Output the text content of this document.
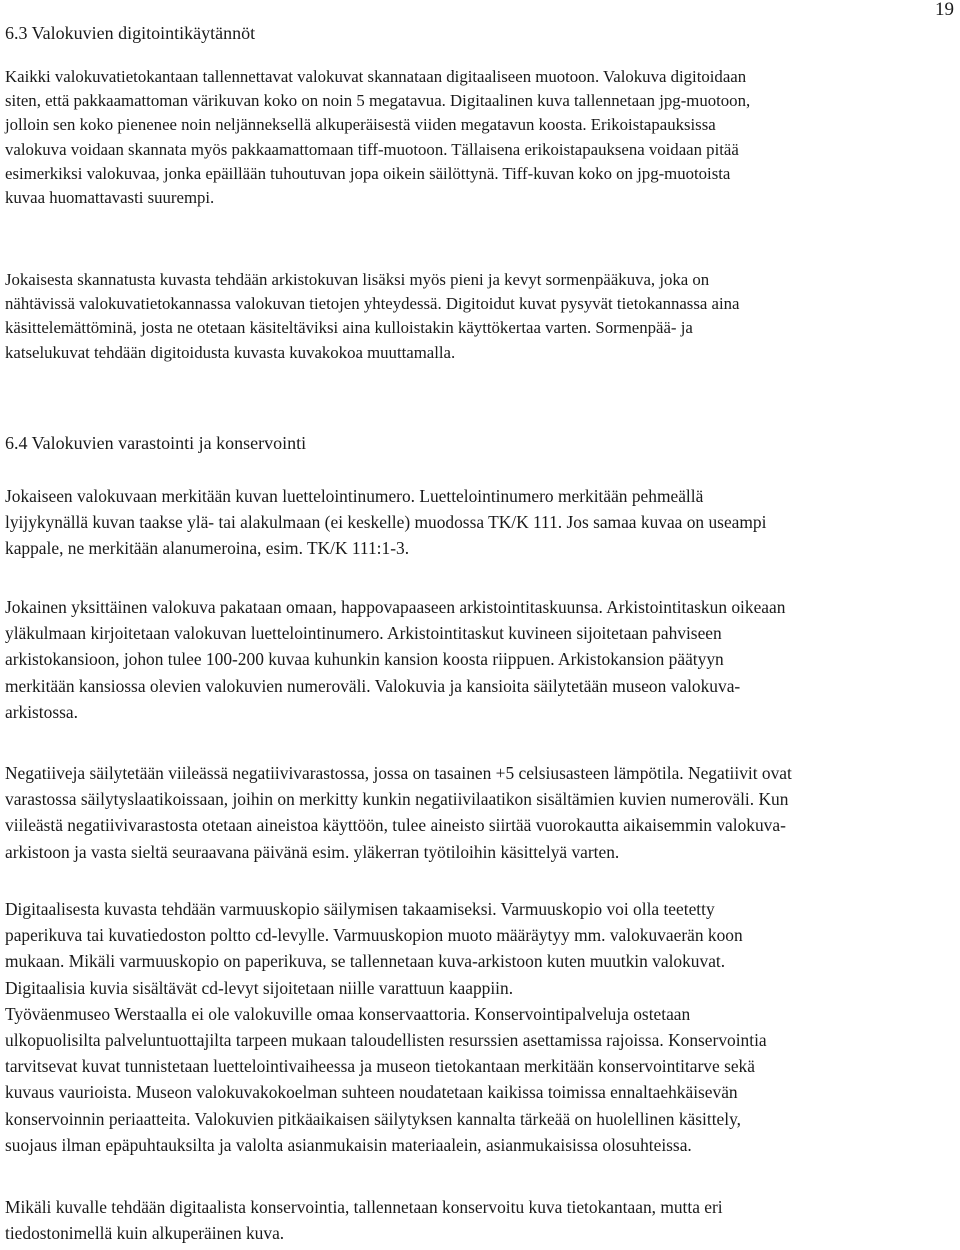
19
6.3 Valokuvien digitointikäytännöt

Kaikki valokuvatietokantaan tallennettavat valokuvat skannataan digitaaliseen muotoon. Valokuva digitoidaan
siten, että pakkaamattoman värikuvan koko on noin 5 megatavua. Digitaalinen kuva tallennetaan jpg-muotoon,
jolloin sen koko pienenee noin neljänneksellä alkuperäisestä viiden megatavun koosta. Erikoistapauksissa
valokuva voidaan skannata myös pakkaamattomaan tiff-muotoon. Tällaisena erikoistapauksena voidaan pitää
esimerkiksi valokuvaa, jonka epäillään tuhoutuvan jopa oikein säilöttynä. Tiff-kuvan koko on jpg-muotoista
kuvaa huomattavasti suurempi.

Jokaisesta skannatusta kuvasta tehdään arkistokuvan lisäksi myös pieni ja kevyt sormenpääkuva, joka on
nähtävissä valokuvatietokannassa valokuvan tietojen yhteydessä. Digitoidut kuvat pysyvät tietokannassa aina
käsittelemättöminä, josta ne otetaan käsiteltäviksi aina kulloistakin käyttökertaa varten. Sormenpää- ja
katselukuvat tehdään digitoidusta kuvasta kuvakokoa muuttamalla.

6.4 Valokuvien varastointi ja konservointi

Jokaiseen valokuvaan merkitään kuvan luettelointinumero. Luettelointinumero merkitään pehmeällä
lyijykynällä kuvan taakse ylä- tai alakulmaan (ei keskelle) muodossa TK/K 111. Jos samaa kuvaa on useampi
kappale, ne merkitään alanumeroina, esim. TK/K 111:1-3.

Jokainen yksittäinen valokuva pakataan omaan, happovapaaseen arkistointitaskuunsa. Arkistointitaskun oikeaan
yläkulmaan kirjoitetaan valokuvan luettelointinumero. Arkistointitaskut kuvineen sijoitetaan pahviseen
arkistokansioon, johon tulee 100-200 kuvaa kuhunkin kansion koosta riippuen. Arkistokansion päätyyn
merkitään kansiossa olevien valokuvien numeroväli. Valokuvia ja kansioita säilytetään museon valokuva-
arkistossa.

Negatiiveja säilytetään viileässä negatiivivarastossa, jossa on tasainen +5 celsiusasteen lämpötila. Negatiivit ovat
varastossa säilytyslaatikoissaan, joihin on merkitty kunkin negatiivilaatikon sisältämien kuvien numeroväli. Kun
viileästä negatiivivarastosta otetaan aineistoa käyttöön, tulee aineisto siirtää vuorokautta aikaisemmin valokuva-
arkistoon ja vasta sieltä seuraavana päivänä esim. yläkerran työtiloihin käsittelyä varten.

Digitaalisesta kuvasta tehdään varmuuskopio säilymisen takaamiseksi. Varmuuskopio voi olla teetetty
paperikuva tai kuvatiedoston poltto cd-levylle. Varmuuskopion muoto määräytyy mm. valokuvaerän koon
mukaan. Mikäli varmuuskopio on paperikuva, se tallennetaan kuva-arkistoon kuten muutkin valokuvat.
Digitaalisia kuvia sisältävät cd-levyt sijoitetaan niille varattuun kaappiin.
Työväenmuseo Werstaalla ei ole valokuville omaa konservaattoria. Konservointipalveluja ostetaan
ulkopuolisilta palveluntuottajilta tarpeen mukaan taloudellisten resurssien asettamissa rajoissa. Konservointia
tarvitsevat kuvat tunnistetaan luettelointivaiheessa ja museon tietokantaan merkitään konservointitarve sekä
kuvaus vaurioista. Museon valokuvakokoelman suhteen noudatetaan kaikissa toimissa ennaltaehkäisevän
konservoinnin periaatteita. Valokuvien pitkäaikaisen säilytyksen kannalta tärkeää on huolellinen käsittely,
suojaus ilman epäpuhtauksilta ja valolta asianmukaisin materiaalein, asianmukaisissa olosuhteissa.

Mikäli kuvalle tehdään digitaalista konservointia, tallennetaan konservoitu kuva tietokantaan, mutta eri
tiedostonimellä kuin alkuperäinen kuva.
